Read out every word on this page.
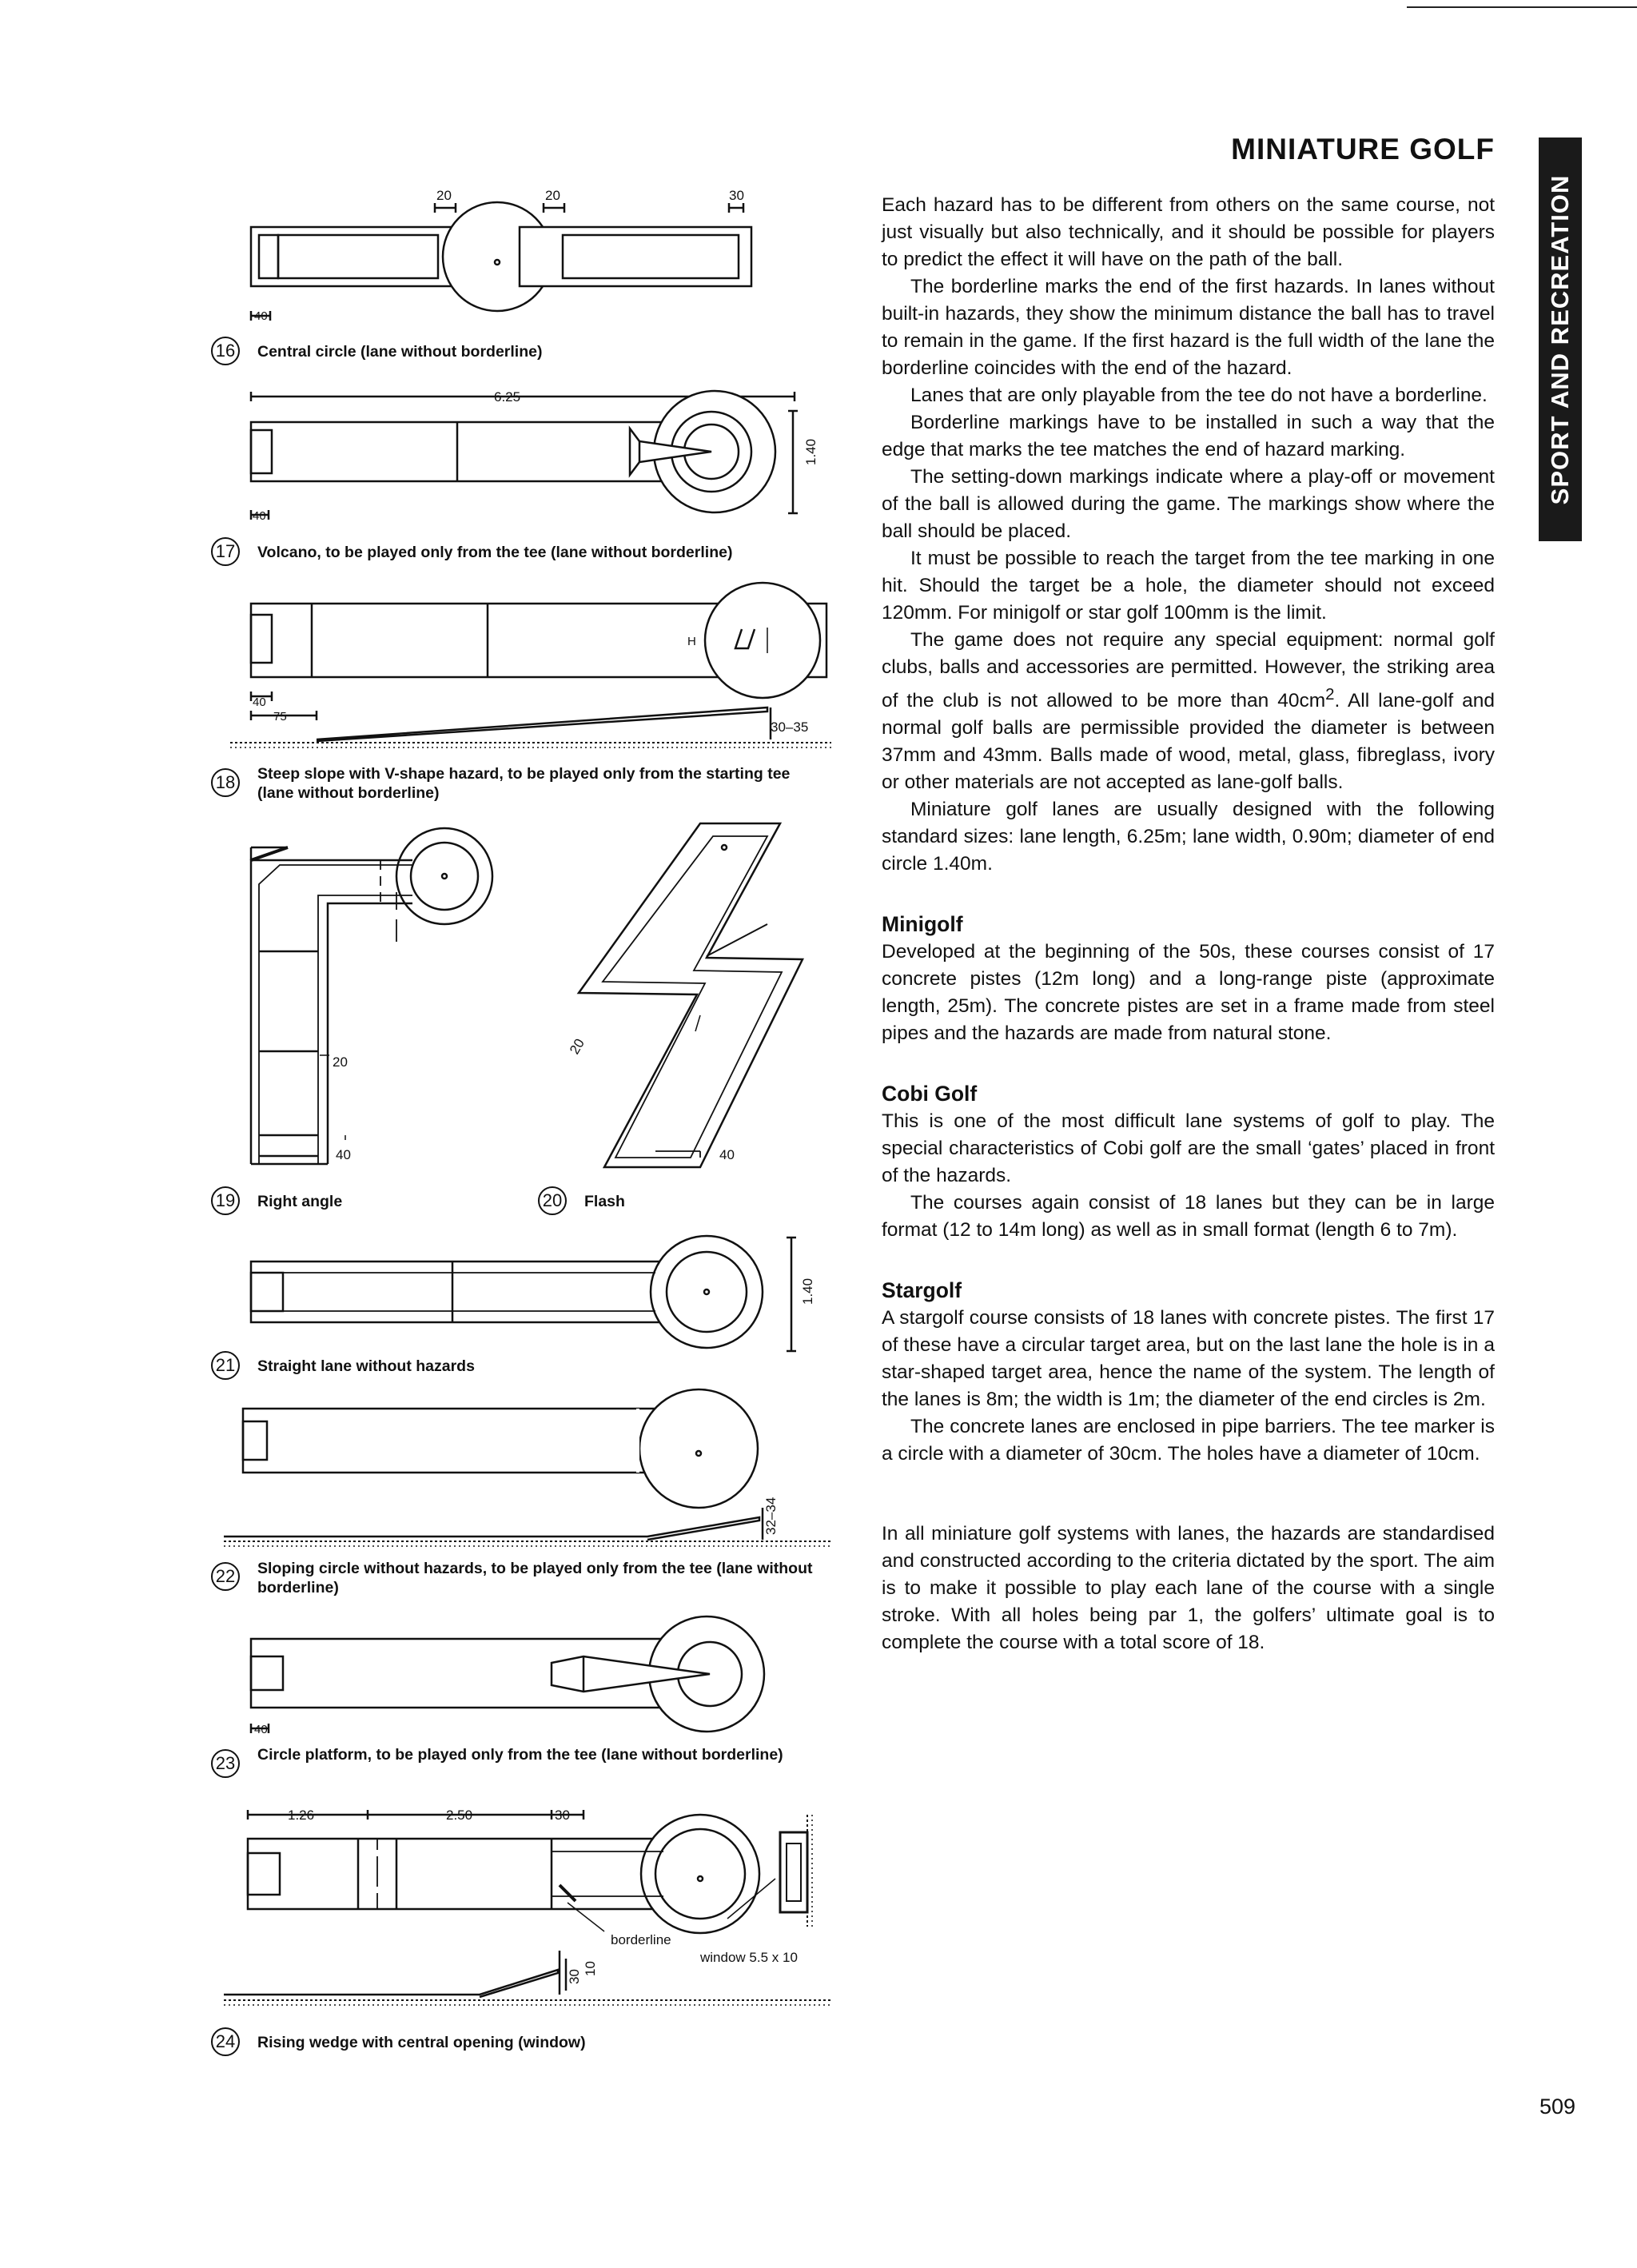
MINIATURE GOLF
SPORT AND RECREATION

Each hazard has to be different from others on the same course, not just visually but also technically, and it should be possible for players to predict the effect it will have on the path of the ball.

The borderline marks the end of the first hazards. In lanes without built-in hazards, they show the minimum distance the ball has to travel to remain in the game. If the first hazard is the full width of the lane the borderline coincides with the end of the hazard.

Lanes that are only playable from the tee do not have a borderline.

Borderline markings have to be installed in such a way that the edge that marks the tee matches the end of hazard marking.

The setting-down markings indicate where a play-off or movement of the ball is allowed during the game. The markings show where the ball should be placed.

It must be possible to reach the target from the tee marking in one hit. Should the target be a hole, the diameter should not exceed 120mm. For minigolf or star golf 100mm is the limit.

The game does not require any special equipment: normal golf clubs, balls and accessories are permitted. However, the striking area of the club is not allowed to be more than $40cm^2$. All lane-golf and normal golf balls are permissible provided the diameter is between 37mm and 43mm. Balls made of wood, metal, glass, fibreglass, ivory or other materials are not accepted as lane-golf balls.

Miniature golf lanes are usually designed with the following standard sizes: lane length, 6.25m; lane width, 0.90m; diameter of end circle 1.40m.

Minigolf

Developed at the beginning of the 50s, these courses consist of 17 concrete pistes (12m long) and a long-range piste (approximate length, 25m). The concrete pistes are set in a frame made from steel pipes and the hazards are made from natural stone.

Cobi Golf

This is one of the most difficult lane systems of golf to play. The special characteristics of Cobi golf are the small ‘gates’ placed in front of the hazards.

The courses again consist of 18 lanes but they can be in large format (12 to 14m long) as well as in small format (length 6 to 7m).

Stargolf

A stargolf course consists of 18 lanes with concrete pistes. The first 17 of these have a circular target area, but on the last lane the hole is in a star-shaped target area, hence the name of the system. The length of the lanes is 8m; the width is 1m; the diameter of the end circles is 2m.

The concrete lanes are enclosed in pipe barriers. The tee marker is a circle with a diameter of 30cm. The holes have a diameter of 10cm.

In all miniature golf systems with lanes, the hazards are standardised and constructed according to the criteria dictated by the sport. The aim is to make it possible to play each lane of the course with a single stroke. With all holes being par 1, the golfers’ ultimate goal is to complete the course with a total score of 18.

509
20	20	30
40
16 Central circle (lane without borderline)
6.25
1.40
40
17 Volcano, to be played only from the tee (lane without borderline)
H
40
75
30–35
18 Steep slope with V-shape hazard, to be played only from the starting tee (lane without borderline)
20
40
19 Right angle
20
40
20 Flash
1.40
21 Straight lane without hazards
32–34
22 Sloping circle without hazards, to be played only from the tee (lane without borderline)
40
23 Circle platform, to be played only from the tee (lane without borderline)
1.26	2.50	30
borderline
window 5.5 x 10
30
10
24 Rising wedge with central opening (window)
